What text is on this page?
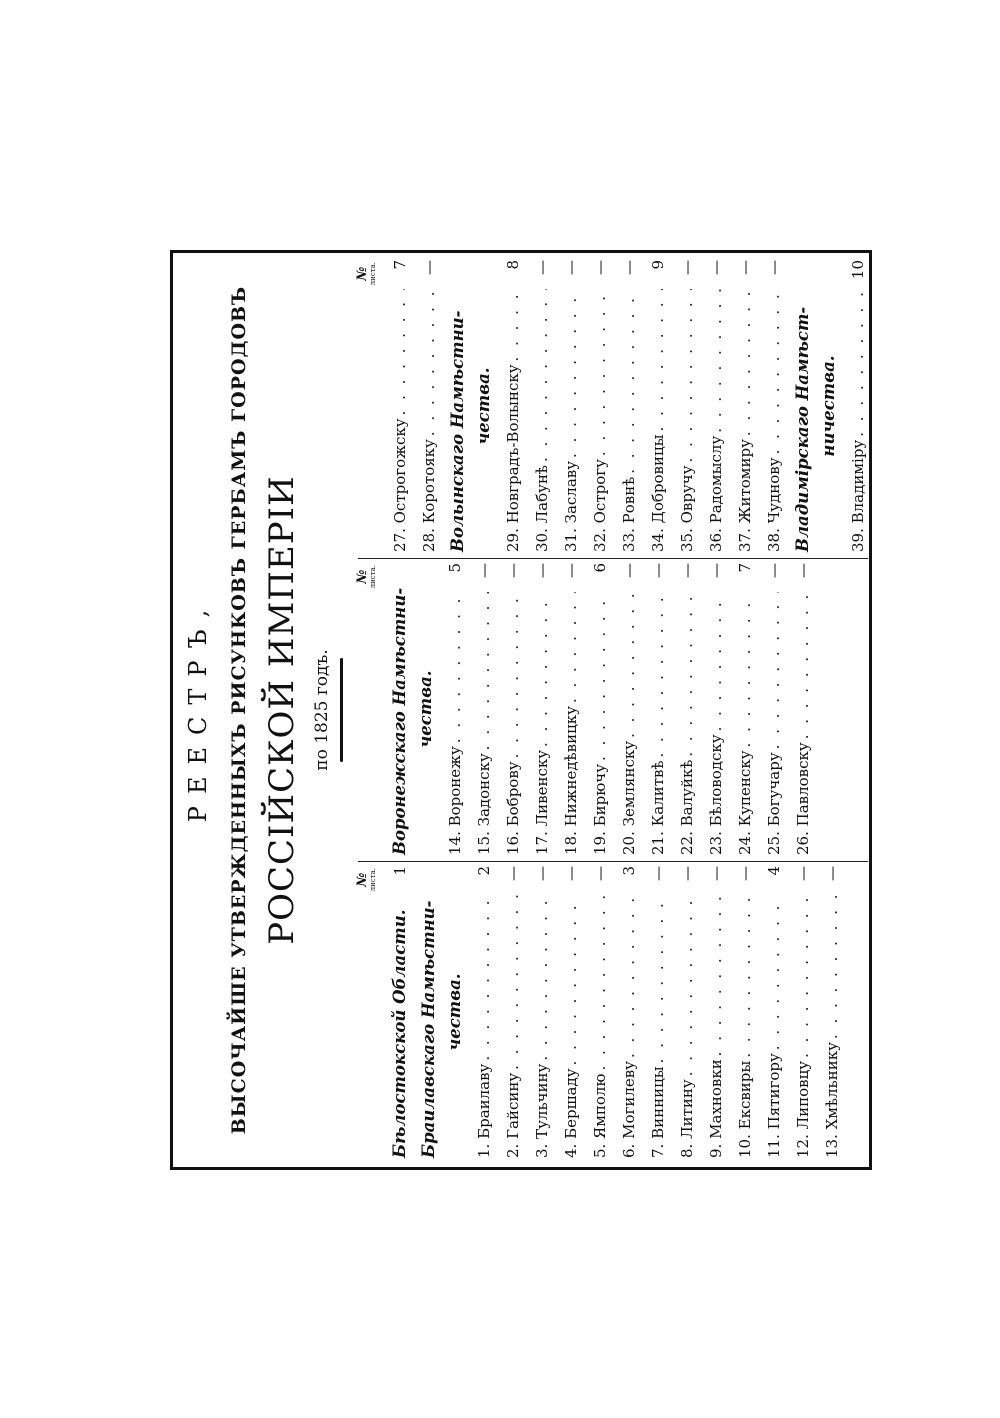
РЕЕСТРЪ, ВЫСОЧАЙШЕ УТВЕРЖДЕННЫХЪ РИСУНКОВЪ ГЕРБАМЪ ГОРОДОВЪ РОССІЙСКОЙ ИМПЕРІИ по 1825 годъ.
№ листа.
Бѣлостокской Области.
1
Браилавскаго Намѣстни- чества.
1. Браилаву
. . .
2
2. Гайсину
. . .
—
3. Тульчину
. . .
—
4. Бершаду
. . .
—
5. Ямполю
. . .
—
6. Могилеву
. . .
3
7. Винницы
. . .
—
8. Литину
. . .
—
9. Махновки
. . .
—
10. Ексвиры
. . .
—
11. Пятигору
. . .
4
12. Липовцу
. . .
—
13. Хмѣльнику
. . .
—
№ листа.
Воронежскаго Намѣстни- чества.
14. Воронежу
. . .
5
15. Задонску
. . .
—
16. Боброву
. . .
—
17. Ливенску
. . .
—
18. Нижнедѣвицку
. . .
—
19. Бирючу
. . .
6
20. Землянску
. . .
—
21. Калитвѣ
. . .
—
22. Валуйкѣ
. . .
—
23. Бѣловодску
. . .
—
24. Купенску
. . .
7
25. Богучару
. . .
—
26. Павловску
. . .
—
№ листа.
27. Острогожску
. . .
7
28. Коротояку
. . .
—
Волынскаго Намѣстни- чества. 29. Новградъ-Волынску
. . .
8
30. Лабунѣ
. . .
—
31. Заславу
. . .
—
32. Острогу
. . .
—
33. Ровнѣ
. . .
—
34. Добровицы
. . .
9
35. Овручу
. . .
—
36. Радомыслу
. . .
—
37. Житомиру
. . .
—
38. Чуднову
. . .
—
Владимірскаго Намѣст- ничества.
39. Владиміру
. . .
10
